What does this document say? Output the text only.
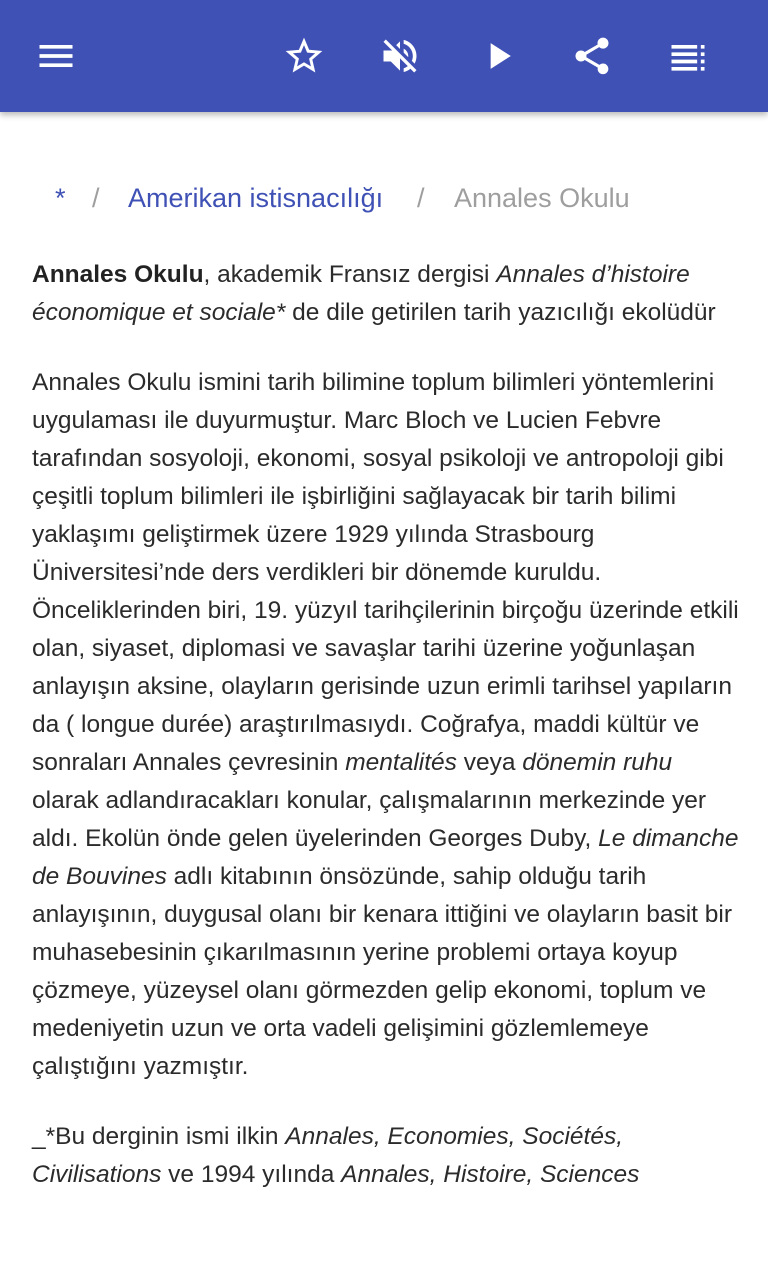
* / Amerikan istisnacılığı / Annales Okulu

Annales Okulu, akademik Fransız dergisi Annales d’histoire économique et sociale* de dile getirilen tarih yazıcılığı ekolüdür

Annales Okulu ismini tarih bilimine toplum bilimleri yöntemlerini uygulaması ile duyurmuştur. Marc Bloch ve Lucien Febvre tarafından sosyoloji, ekonomi, sosyal psikoloji ve antropoloji gibi çeşitli toplum bilimleri ile işbirliğini sağlayacak bir tarih bilimi yaklaşımı geliştirmek üzere 1929 yılında Strasbourg Üniversitesi’nde ders verdikleri bir dönemde kuruldu. Önceliklerinden biri, 19. yüzyıl tarihçilerinin birçoğu üzerinde etkili olan, siyaset, diplomasi ve savaşlar tarihi üzerine yoğunlaşan anlayışın aksine, olayların gerisinde uzun erimli tarihsel yapıların da ( longue durée) araştırılmasıydı. Coğrafya, maddi kültür ve sonraları Annales çevresinin mentalités veya dönemin ruhu olarak adlandıracakları konular, çalışmalarının merkezinde yer aldı. Ekolün önde gelen üyelerinden Georges Duby, Le dimanche de Bouvines adlı kitabının önsözünde, sahip olduğu tarih anlayışının, duygusal olanı bir kenara ittiğini ve olayların basit bir muhasebesinin çıkarılmasının yerine problemi ortaya koyup çözmeye, yüzeysel olanı görmezden gelip ekonomi, toplum ve medeniyetin uzun ve orta vadeli gelişimini gözlemlemeye çalıştığını yazmıştır.

_*Bu derginin ismi ilkin Annales, Economies, Sociétés, Civilisations ve 1994 yılında Annales, Histoire, Sciences
